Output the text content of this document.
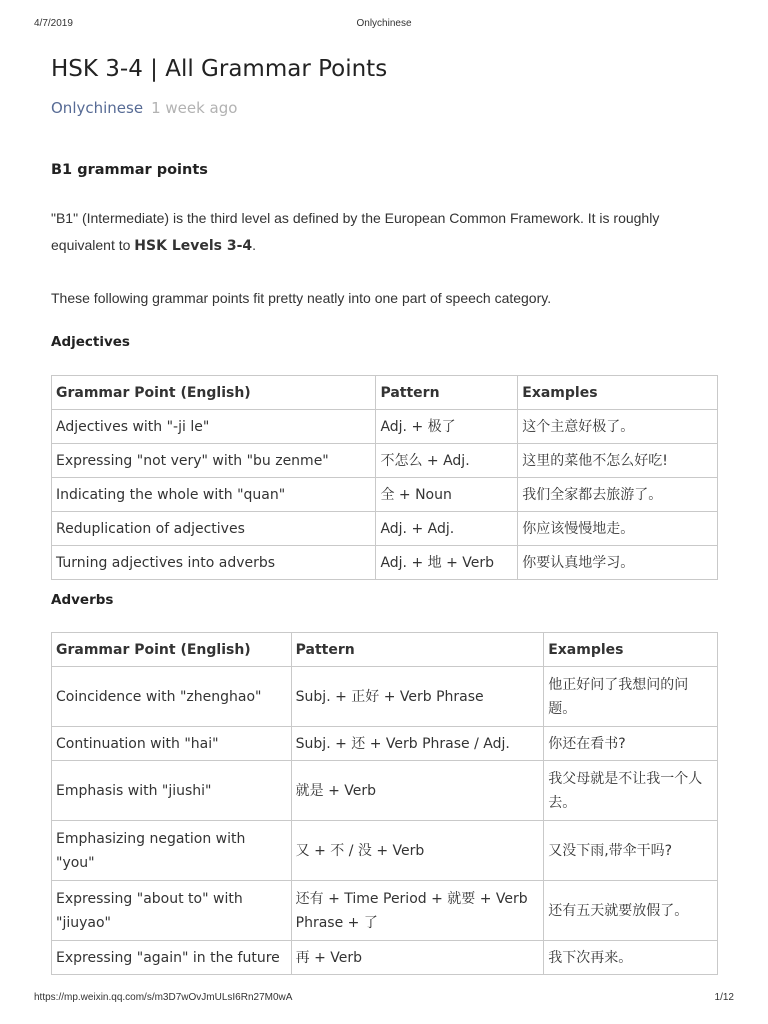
4/7/2019	Onlychinese
HSK 3-4 | All Grammar Points
Onlychinese 1 week ago
B1 grammar points
"B1" (Intermediate) is the third level as defined by the European Common Framework. It is roughly equivalent to HSK Levels 3-4.
These following grammar points fit pretty neatly into one part of speech category.
Adjectives
Grammar Point (English)	Pattern	Examples
Adjectives with "-ji le"	Adj. + 极了	这个主意好极了。
Expressing "not very" with "bu zenme"	不怎么 + Adj.	这里的菜他不怎么好吃!
Indicating the whole with "quan"	全 + Noun	我们全家都去旅游了。
Reduplication of adjectives	Adj. + Adj.	你应该慢慢地走。
Turning adjectives into adverbs	Adj. + 地 + Verb	你要认真地学习。
Adverbs
Grammar Point (English)	Pattern	Examples
Coincidence with "zhenghao"	Subj. + 正好 + Verb Phrase	他正好问了我想问的问题。
Continuation with "hai"	Subj. + 还 + Verb Phrase / Adj.	你还在看书?
Emphasis with "jiushi"	就是 + Verb	我父母就是不让我一个人去。
Emphasizing negation with "you"	又 + 不 / 没 + Verb	又没下雨,带伞干吗?
Expressing "about to" with "jiuyao"	还有 + Time Period + 就要 + Verb Phrase + 了	还有五天就要放假了。
Expressing "again" in the future	再 + Verb	我下次再来。
https://mp.weixin.qq.com/s/m3D7wOvJmULsI6Rn27M0wA	1/12
